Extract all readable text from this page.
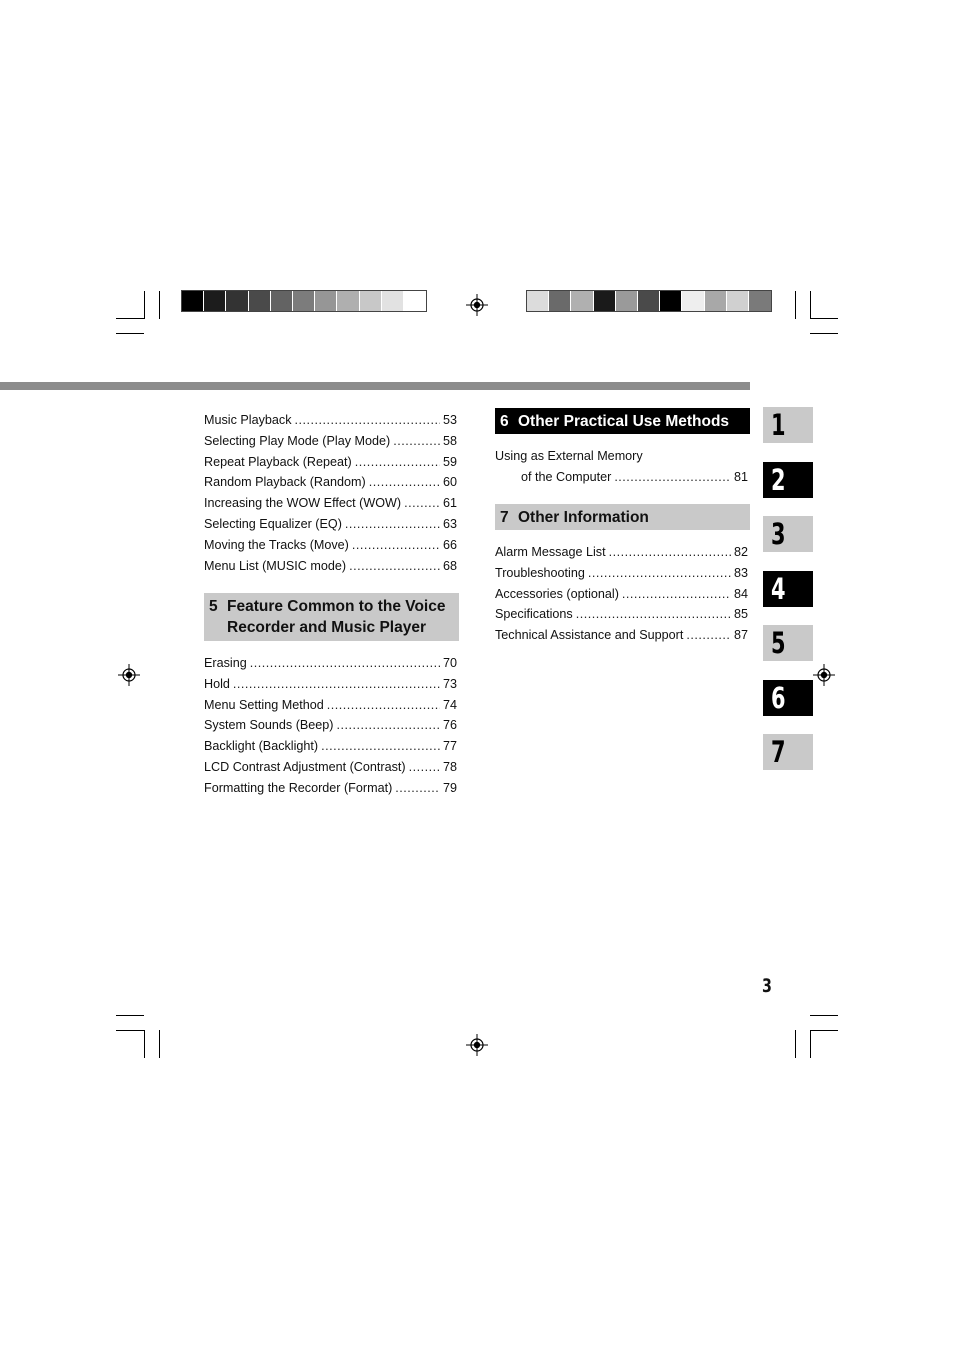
Music Playback .....	53
Selecting Play Mode (Play Mode) .....	58
Repeat Playback (Repeat) .....	59
Random Playback (Random) .....	60
Increasing the WOW Effect (WOW) .....	61
Selecting Equalizer (EQ) .....	63
Moving the Tracks (Move) .....	66
Menu List (MUSIC mode) .....	68
5 Feature Common to the Voice
Recorder and Music Player
Erasing .....	70
Hold .....	73
Menu Setting Method .....	74
System Sounds (Beep) .....	76
Backlight (Backlight) .....	77
LCD Contrast Adjustment (Contrast) .....	78
Formatting the Recorder (Format) .....	79
6 Other Practical Use Methods
Using as External Memory
of the Computer .....	81
7 Other Information
Alarm Message List .....	82
Troubleshooting .....	83
Accessories (optional) .....	84
Specifications .....	85
Technical Assistance and Support .....	87
1
2
3
4
5
6
7
3
